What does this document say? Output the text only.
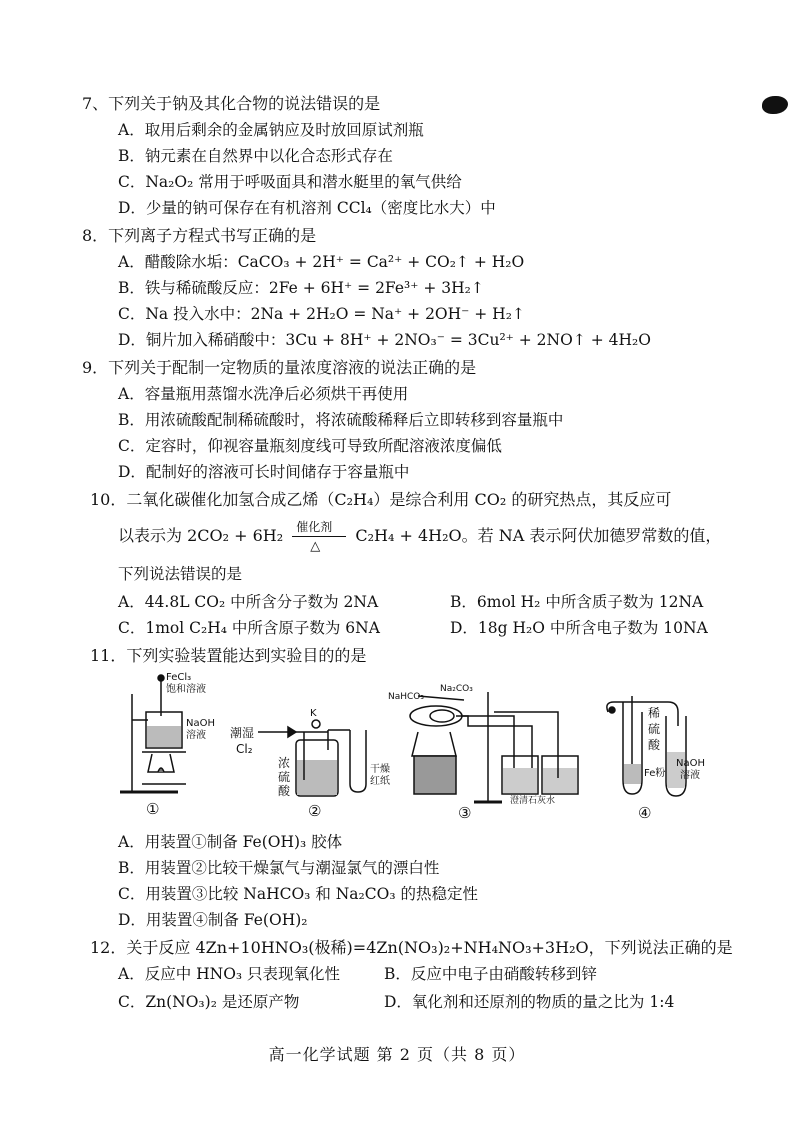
7、下列关于钠及其化合物的说法错误的是
A．取用后剩余的金属钠应及时放回原试剂瓶
B．钠元素在自然界中以化合态形式存在
C．Na₂O₂ 常用于呼吸面具和潜水艇里的氧气供给
D．少量的钠可保存在有机溶剂 CCl₄（密度比水大）中
8．下列离子方程式书写正确的是
A．醋酸除水垢：CaCO₃ + 2H⁺ = Ca²⁺ + CO₂↑ + H₂O
B．铁与稀硫酸反应：2Fe + 6H⁺ = 2Fe³⁺ + 3H₂↑
C．Na 投入水中：2Na + 2H₂O = Na⁺ + 2OH⁻ + H₂↑
D．铜片加入稀硝酸中：3Cu + 8H⁺ + 2NO₃⁻ = 3Cu²⁺ + 2NO↑ + 4H₂O
9．下列关于配制一定物质的量浓度溶液的说法正确的是
A．容量瓶用蒸馏水洗净后必须烘干再使用
B．用浓硫酸配制稀硫酸时，将浓硫酸稀释后立即转移到容量瓶中
C．定容时，仰视容量瓶刻度线可导致所配溶液浓度偏低
D．配制好的溶液可长时间储存于容量瓶中
10．二氧化碳催化加氢合成乙烯（C₂H₄）是综合利用 CO₂ 的研究热点，其反应可
以表示为 2CO₂ + 6H₂ 催化剂
△
C₂H₄ + 4H₂O。若 NA 表示阿伏加德罗常数的值，
下列说法错误的是
A．44.8L CO₂ 中所含分子数为 2NA	B．6mol H₂ 中所含质子数为 12NA
C．1mol C₂H₄ 中所含原子数为 6NA	D．18g H₂O 中所含电子数为 10NA
11．下列实验装置能达到实验目的的是
FeCl₃
饱和溶液
NaOH
溶液 潮湿
Cl₂
K
浓
硫
酸
干燥
红纸
NaHCO₃
Na₂CO₃
澄清石灰水
稀
硫
酸
Fe粉
NaOH
溶液
①	②	③	④
A．用装置①制备 Fe(OH)₃ 胶体
B．用装置②比较干燥氯气与潮湿氯气的漂白性
C．用装置③比较 NaHCO₃ 和 Na₂CO₃ 的热稳定性
D．用装置④制备 Fe(OH)₂
12．关于反应 4Zn+10HNO₃(极稀)=4Zn(NO₃)₂+NH₄NO₃+3H₂O，下列说法正确的是
A．反应中 HNO₃ 只表现氧化性	B．反应中电子由硝酸转移到锌
C．Zn(NO₃)₂ 是还原产物	D．氧化剂和还原剂的物质的量之比为 1:4
高一化学试题 第 2 页（共 8 页）
